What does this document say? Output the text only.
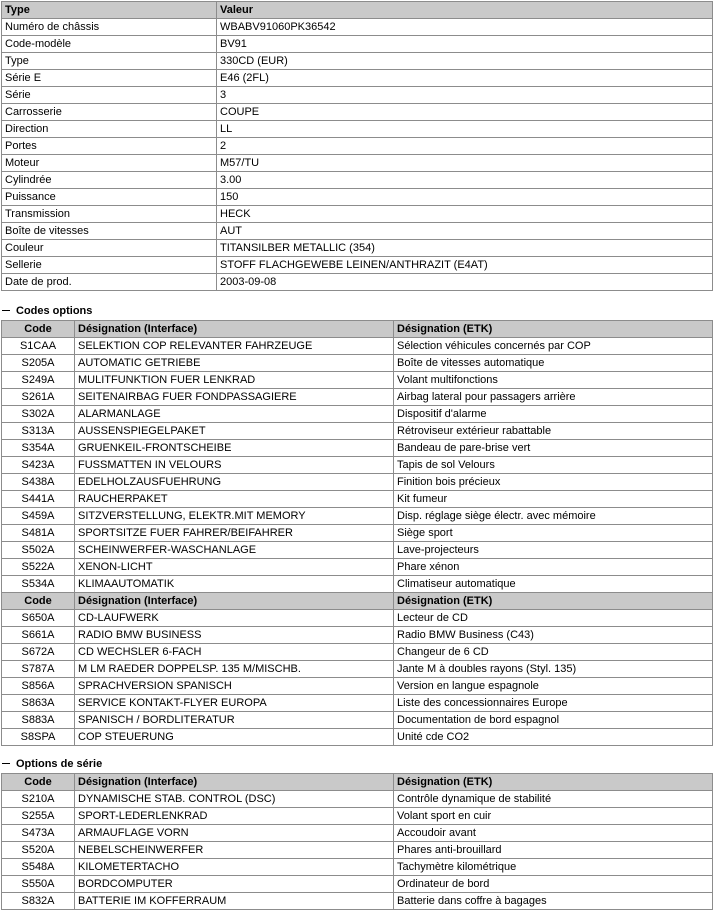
Type	Valeur
Numéro de châssis	WBABV91060PK36542
Code-modèle	BV91
Type	330CD (EUR)
Série E	E46 (2FL)
Série	3
Carrosserie	COUPE
Direction	LL
Portes	2
Moteur	M57/TU
Cylindrée	3.00
Puissance	150
Transmission	HECK
Boîte de vitesses	AUT
Couleur	TITANSILBER METALLIC (354)
Sellerie	STOFF FLACHGEWEBE LEINEN/ANTHRAZIT (E4AT)
Date de prod.	2003-09-08
Codes options
Code	Désignation (Interface)	Désignation (ETK)
S1CAA	SELEKTION COP RELEVANTER FAHRZEUGE	Sélection véhicules concernés par COP
S205A	AUTOMATIC GETRIEBE	Boîte de vitesses automatique
S249A	MULITFUNKTION FUER LENKRAD	Volant multifonctions
S261A	SEITENAIRBAG FUER FONDPASSAGIERE	Airbag lateral pour passagers arrière
S302A	ALARMANLAGE	Dispositif d'alarme
S313A	AUSSENSPIEGELPAKET	Rétroviseur extérieur rabattable
S354A	GRUENKEIL-FRONTSCHEIBE	Bandeau de pare-brise vert
S423A	FUSSMATTEN IN VELOURS	Tapis de sol Velours
S438A	EDELHOLZAUSFUEHRUNG	Finition bois précieux
S441A	RAUCHERPAKET	Kit fumeur
S459A	SITZVERSTELLUNG, ELEKTR.MIT MEMORY	Disp. réglage siège électr. avec mémoire
S481A	SPORTSITZE FUER FAHRER/BEIFAHRER	Siège sport
S502A	SCHEINWERFER-WASCHANLAGE	Lave-projecteurs
S522A	XENON-LICHT	Phare xénon
S534A	KLIMAAUTOMATIK	Climatiseur automatique
Code	Désignation (Interface)	Désignation (ETK)
S650A	CD-LAUFWERK	Lecteur de CD
S661A	RADIO BMW BUSINESS	Radio BMW Business (C43)
S672A	CD WECHSLER 6-FACH	Changeur de 6 CD
S787A	M LM RAEDER DOPPELSP. 135 M/MISCHB.	Jante M à doubles rayons (Styl. 135)
S856A	SPRACHVERSION SPANISCH	Version en langue espagnole
S863A	SERVICE KONTAKT-FLYER EUROPA	Liste des concessionnaires Europe
S883A	SPANISCH / BORDLITERATUR	Documentation de bord espagnol
S8SPA	COP STEUERUNG	Unité cde CO2
Options de série
Code	Désignation (Interface)	Désignation (ETK)
S210A	DYNAMISCHE STAB. CONTROL (DSC)	Contrôle dynamique de stabilité
S255A	SPORT-LEDERLENKRAD	Volant sport en cuir
S473A	ARMAUFLAGE VORN	Accoudoir avant
S520A	NEBELSCHEINWERFER	Phares anti-brouillard
S548A	KILOMETERTACHO	Tachymètre kilométrique
S550A	BORDCOMPUTER	Ordinateur de bord
S832A	BATTERIE IM KOFFERRAUM	Batterie dans coffre à bagages
